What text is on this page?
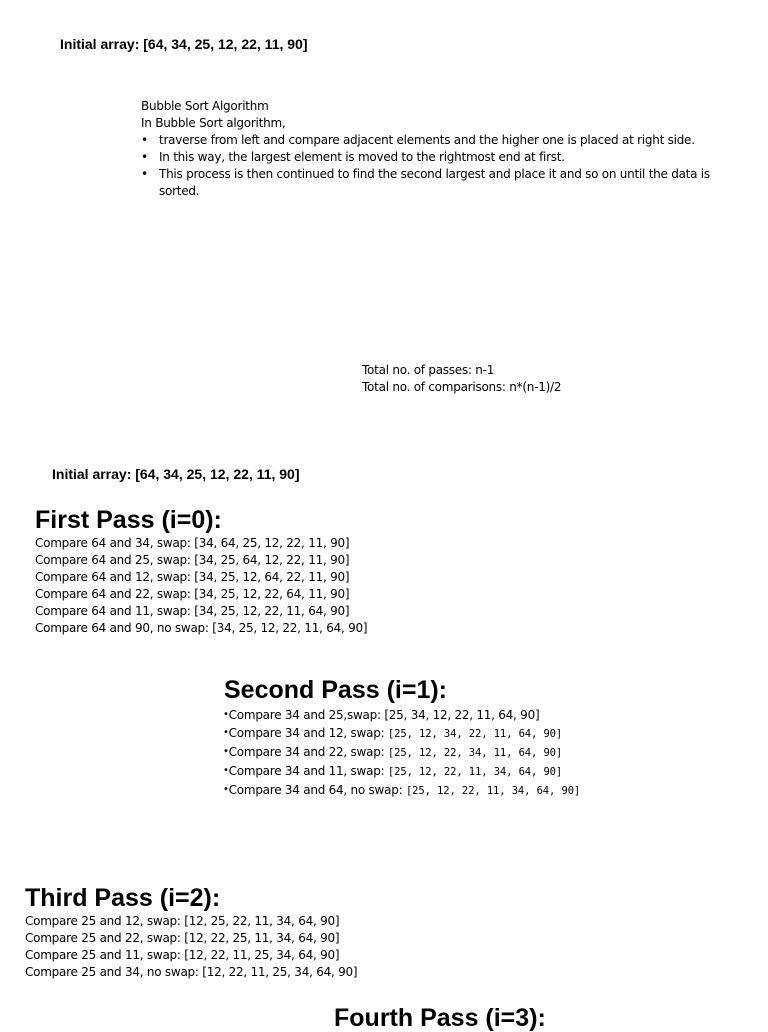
Initial array: [64, 34, 25, 12, 22, 11, 90]
Bubble Sort Algorithm
In Bubble Sort algorithm,
• traverse from left and compare adjacent elements and the higher one is placed at right side.
• In this way, the largest element is moved to the rightmost end at first.
• This process is then continued to find the second largest and place it and so on until the data is sorted.
Total no. of passes: n-1
Total no. of comparisons: n*(n-1)/2
Initial array: [64, 34, 25, 12, 22, 11, 90]
First Pass (i=0):
Compare 64 and 34, swap: [34, 64, 25, 12, 22, 11, 90]
Compare 64 and 25, swap: [34, 25, 64, 12, 22, 11, 90]
Compare 64 and 12, swap: [34, 25, 12, 64, 22, 11, 90]
Compare 64 and 22, swap: [34, 25, 12, 22, 64, 11, 90]
Compare 64 and 11, swap: [34, 25, 12, 22, 11, 64, 90]
Compare 64 and 90, no swap: [34, 25, 12, 22, 11, 64, 90]
Second Pass (i=1):
• Compare 34 and 25,swap: [25, 34, 12, 22, 11, 64, 90]
• Compare 34 and 12, swap: [25, 12, 34, 22, 11, 64, 90]
• Compare 34 and 22, swap: [25, 12, 22, 34, 11, 64, 90]
• Compare 34 and 11, swap: [25, 12, 22, 11, 34, 64, 90]
• Compare 34 and 64, no swap: [25, 12, 22, 11, 34, 64, 90]
Third Pass (i=2):
Compare 25 and 12, swap: [12, 25, 22, 11, 34, 64, 90]
Compare 25 and 22, swap: [12, 22, 25, 11, 34, 64, 90]
Compare 25 and 11, swap: [12, 22, 11, 25, 34, 64, 90]
Compare 25 and 34, no swap: [12, 22, 11, 25, 34, 64, 90]
Fourth Pass (i=3):
